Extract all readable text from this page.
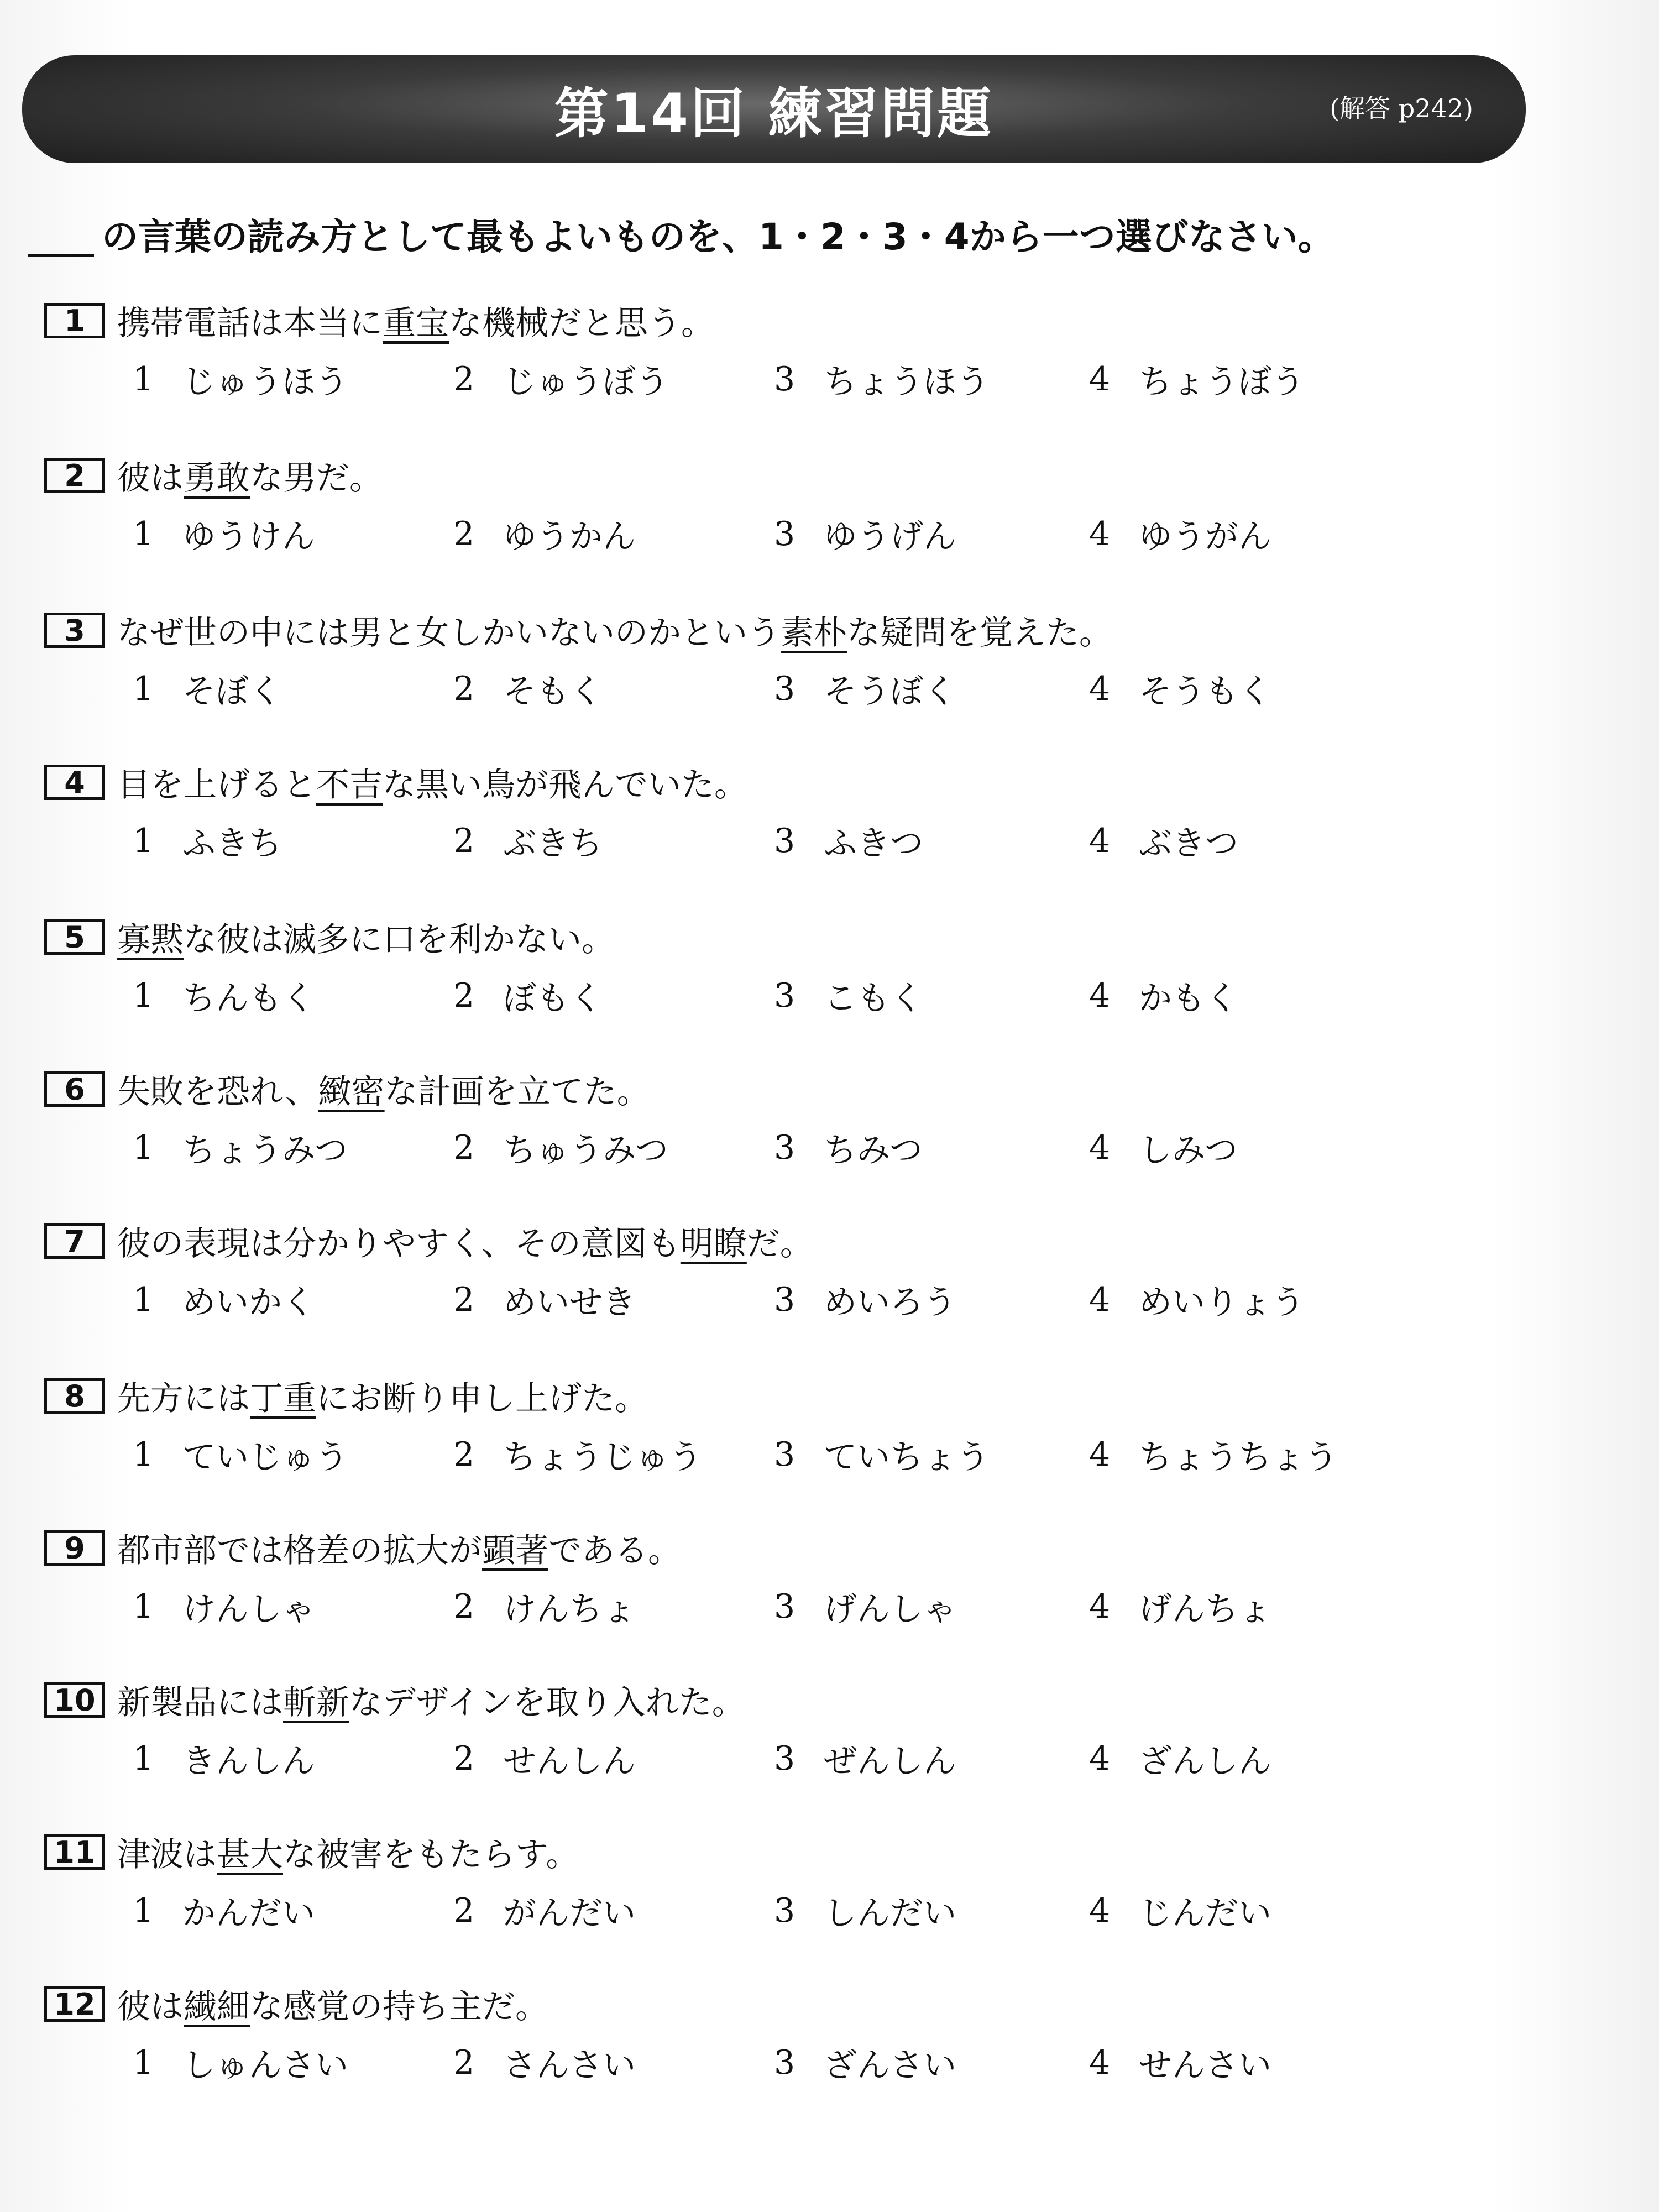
第14回 練習問題	(解答 p242)
の言葉の読み方として最もよいものを、1・2・3・4から一つ選びなさい。
1 携帯電話は本当に重宝な機械だと思う。
1 じゅうほう	2 じゅうぼう	3 ちょうほう	4 ちょうぼう
2 彼は勇敢な男だ。
1 ゆうけん	2 ゆうかん	3 ゆうげん	4 ゆうがん
3 なぜ世の中には男と女しかいないのかという素朴な疑問を覚えた。
1 そぼく	2 そもく	3 そうぼく	4 そうもく
4 目を上げると不吉な黒い鳥が飛んでいた。
1 ふきち	2 ぶきち	3 ふきつ	4 ぶきつ
5 寡黙な彼は滅多に口を利かない。
1 ちんもく	2 ぼもく	3 こもく	4 かもく
6 失敗を恐れ、緻密な計画を立てた。
1 ちょうみつ	2 ちゅうみつ	3 ちみつ	4 しみつ
7 彼の表現は分かりやすく、その意図も明瞭だ。
1 めいかく	2 めいせき	3 めいろう	4 めいりょう
8 先方には丁重にお断り申し上げた。
1 ていじゅう	2 ちょうじゅう 3 ていちょう	4 ちょうちょう
9 都市部では格差の拡大が顕著である。
1 けんしゃ	2 けんちょ	3 げんしゃ	4 げんちょ
10 新製品には斬新なデザインを取り入れた。
1 きんしん	2 せんしん	3 ぜんしん	4 ざんしん
11 津波は甚大な被害をもたらす。
1 かんだい	2 がんだい	3 しんだい	4 じんだい
12 彼は繊細な感覚の持ち主だ。
1 しゅんさい	2 さんさい	3 ざんさい	4 せんさい
